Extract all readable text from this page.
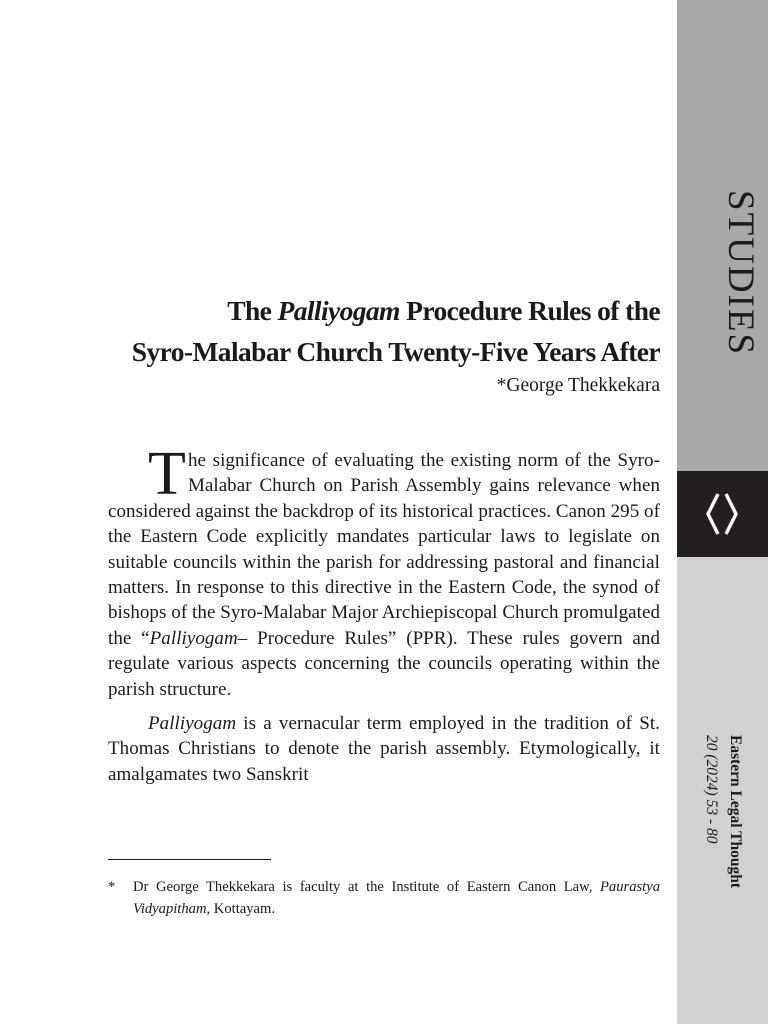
The Palliyogam Procedure Rules of the
Syro-Malabar Church Twenty-Five Years After

*George Thekkekara

The significance of evaluating the existing norm of the Syro-Malabar Church on Parish Assembly gains relevance when considered against the backdrop of its historical practices. Canon 295 of the Eastern Code explicitly mandates particular laws to legislate on suitable councils within the parish for addressing pastoral and financial matters. In response to this directive in the Eastern Code, the synod of bishops of the Syro-Malabar Major Archiepiscopal Church promulgated the “Palliyogam– Procedure Rules” (PPR). These rules govern and regulate various aspects concerning the councils operating within the parish structure.

Palliyogam is a vernacular term employed in the tradition of St. Thomas Christians to denote the parish assembly. Etymologically, it amalgamates two Sanskrit

* Dr George Thekkekara is faculty at the Institute of Eastern Canon Law, Paurastya Vidyapitham, Kottayam.
STUDIES
Eastern Legal Thought
20 (2024) 53 - 80
